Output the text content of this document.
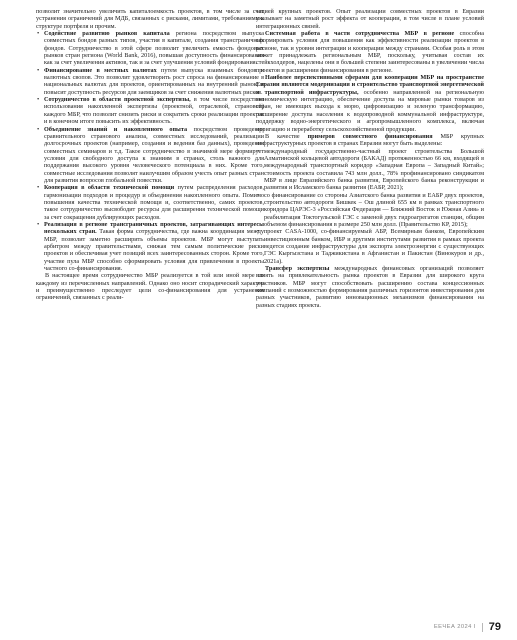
позволит значительно увеличить капиталоемкость проектов, в том числе за счет устранения ограничений для МДБ, связанных с рисками, лимитами, требованиями к структуре портфеля и прочим.

• Содействие развитию рынков капитала региона посредством выпуска совместных бондов разных типов, участия в капитале, создания трансграничных фондов. Сотрудничество в этой сфере позволит увеличить емкость фондовых рынков стран региона (World Bank, 2016), повышая доступность финансирования как за счет увеличения активов, так и за счет улучшения условий фондирования.
• Финансирование в местных валютах путем выпуска взаимных бондов и валютных свопов. Это позволит удовлетворить рост спроса на финансирование в национальных валютах для проектов, ориентированных на внутренний рынок, и повысит доступность ресурсов для заемщиков за счет снижения валютных рисков.
• Сотрудничество в области проектной экспертизы, в том числе посредством использования накопленной экспертизы (проектной, отраслевой, страновой) каждого МБР, что позволит снизить риски и сократить сроки реализации проектов и в конечном итоге повысить их эффективность.
• Объединение знаний и накопленного опыта посредством проведения сравнительного странового анализа, совместных исследований, реализации долгосрочных проектов (например, создания и ведения баз данных), проведения совместных семинаров и т.д. Такое сотрудничество в значимой мере формирует условия для свободного доступа к знаниям в странах, столь важного для поддержания высокого уровня человеческого потенциала в них. Кроме того, совместные исследования позволят наилучшим образом учесть опыт разных стран для развития вопросов глобальной повестки.
• Кооперация в области технической помощи путем распределения расходов, гармонизации подходов и процедур и объединения накопленного опыта. Помимо повышения качества технической помощи и, соответственно, самих проектов, такое сотрудничество высвободит ресурсы для расширения технической помощи за счет сокращения дублирующих расходов.
• Реализация в регионе трансграничных проектов, затрагивающих интересы нескольких стран. Такая форма сотрудничества, где важна координация между МБР, позволит заметно расширить объемы проектов. МБР могут выступать арбитром между правительствами, снижая тем самым политические риски проектов и обеспечивая учет позиций всех заинтересованных сторон. Кроме того, участие пула МБР способно сформировать условия для привлечения в проекты частного со-финансирования.

В настоящее время сотрудничество МБР реализуется в той или иной мере по каждому из перечисленных направлений. Однако оно носит спорадический характер и преимущественно преследует цели со-финансирования для устранения ограничений, связанных с реали-

зацией крупных проектов. Опыт реализации совместных проектов в Евразии указывает на заметный рост эффекта от кооперации, в том числе в плане условий интеграционных связей.

Системная работа в части сотрудничества МБР в регионе способна сформировать условия для повышения как эффективности реализации проектов в регионе, так и уровня интеграции и кооперации между странами. Особая роль в этом может принадлежать региональным МБР, поскольку, учитывая состав их стейкхолдеров, нацелены они в большей степени заинтересованы в увеличении числа проектов и расширении финансирования в регионе.

Наиболее перспективными сферами для кооперации МБР на пространстве Евразии являются модернизация и строительство транспортной энергетической и транспортной инфраструктуры, особенно направленной на региональную экономическую интеграцию, обеспечение доступа на мировые рынки товаров из стран, не имеющих выхода к морю, цифровизацию и зеленую трансформацию, расширение доступа населения к водопроводной коммунальной инфраструктуре, поддержку водно-энергетического и агропромышленного комплекса, включая ирригацию и переработку сельскохозяйственной продукции.

В качестве примеров совместного финансирования МБР крупных инфраструктурных проектов в странах Евразии могут быть выделены:

• международный государственно-частный проект строительства Большой Алматинской кольцевой автодороги (БАКАД) протяженностью 66 км, входящей в международный транспортный коридор «Западная Европа – Западный Китай»; стоимость проекта составила 743 млн долл., 78% профинансировано синдикатом МБР в лице Евразийского банка развития, Европейского банка реконструкции и развития и Исламского банка развития (ЕАБР, 2021);
• со финансирование со стороны Азиатского банка развития и ЕАБР двух проектов, строительство автодороги Бишкек – Ош длиной 655 км в рамках транспортного коридора ЦАРЭС-3 «Российская Федерация — Ближний Восток и Южная Азия» и реабилитация Токтогульской ГЭС с заменой двух гидроагрегатов станции, общим объемом финансирования в размере 250 млн долл. (Правительство КР, 2015);
• проект CASA-1000, со-финансируемый АБР, Всемирным банком, Европейским инвестиционным банком, ИБР и другими институтами развития в рамках проекта ведется создание инфраструктуры для экспорта электроэнергии с существующих ГЭС Кыргызстана и Таджикистана в Афганистан и Пакистан (Винокуров и др., 2021а).

Трансфер экспертизы международных финансовых организаций позволяет влиять на привлекательность рынка проектов в Евразии для широкого круга участников. МБР могут способствовать расширению состава концессионных компаний с возможностью формирования различных горизонтов инвестирования для разных участников, развитию инновационных механизмов финансирования на разных стадиях проекта.

EЕЧЕА 2024 I 79
